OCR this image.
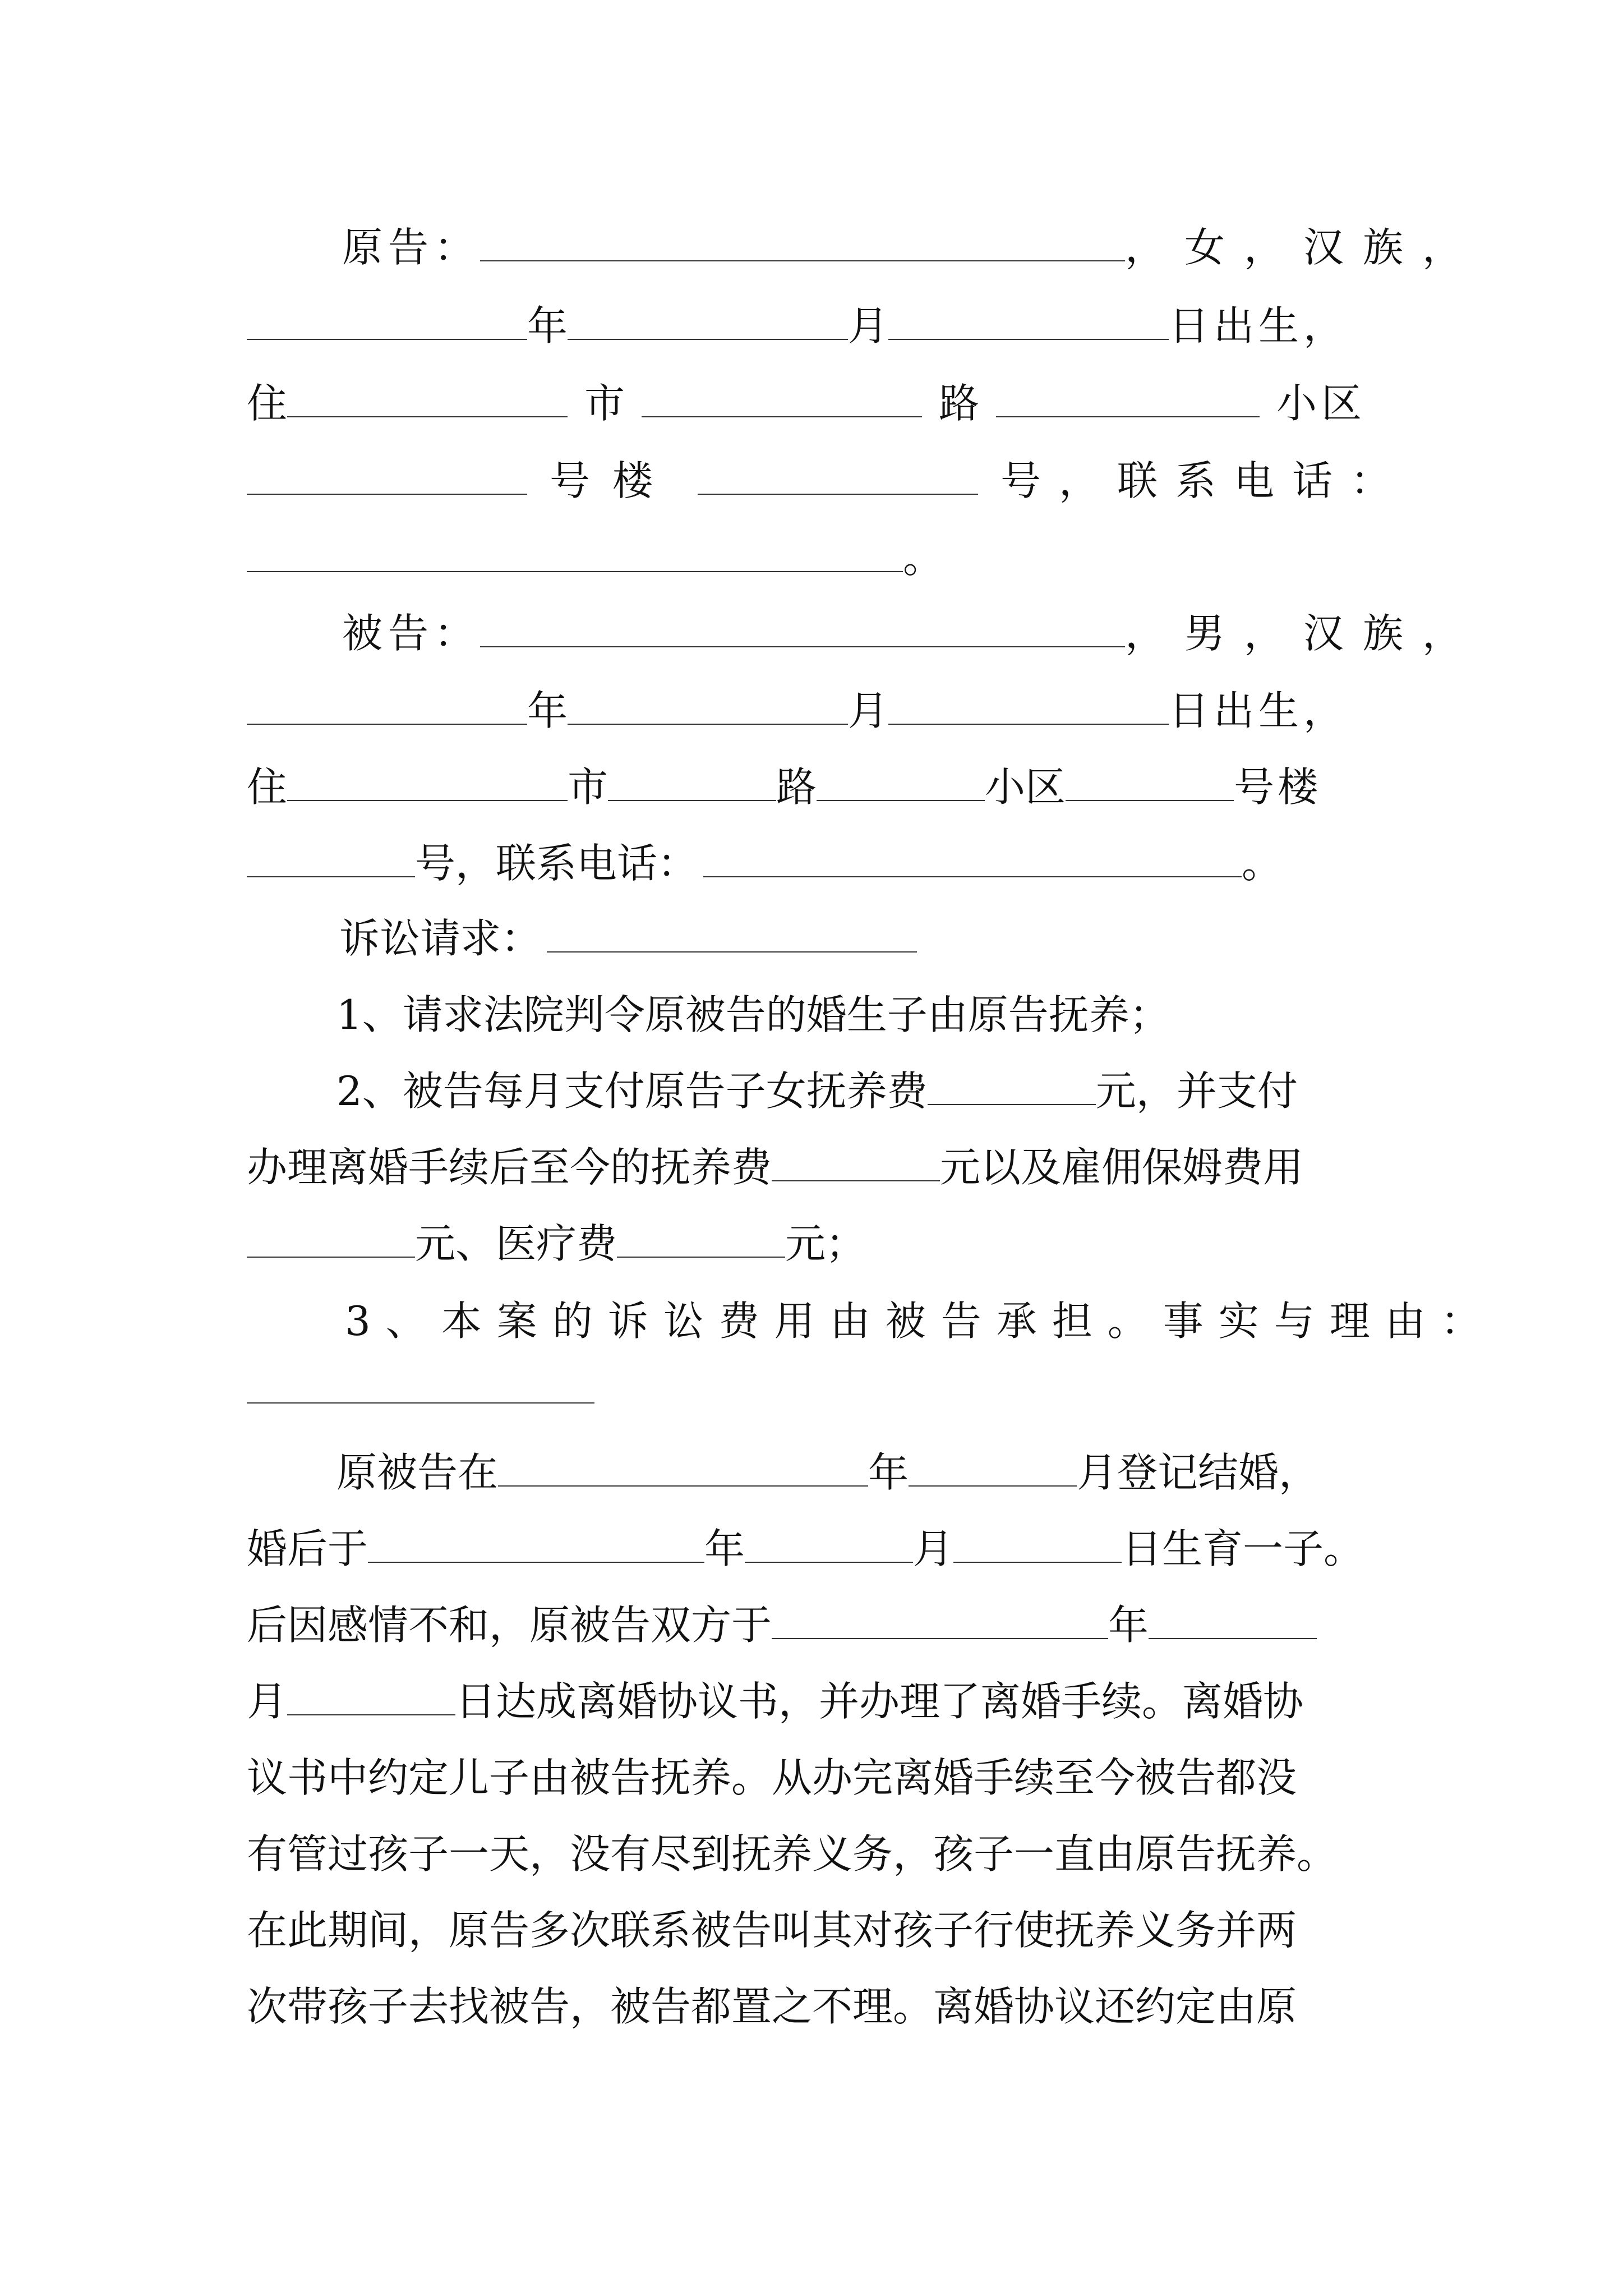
原告：	，女，汉族，
年	月	日出生，
住	市	路	小区
号楼	号，联系电话：
。
被告：	，男，汉族，
年	月	日出生，
住	市	路	小区	号楼
号，联系电话：	。
诉讼请求：
1、请求法院判令原被告的婚生子由原告抚养；
2、被告每月支付原告子女抚养费	元，并支付
办理离婚手续后至今的抚养费	元以及雇佣保姆费用
元、医疗费	元；
3、本案的诉讼费用由被告承担。事实与理由：
原被告在	年	月登记结婚，
婚后于	年	月	日生育一子。
后因感情不和，原被告双方于	年
月	日达成离婚协议书，并办理了离婚手续。离婚协
议书中约定儿子由被告抚养。从办完离婚手续至今被告都没
有管过孩子一天，没有尽到抚养义务，孩子一直由原告抚养。
在此期间，原告多次联系被告叫其对孩子行使抚养义务并两
次带孩子去找被告，被告都置之不理。离婚协议还约定由原
